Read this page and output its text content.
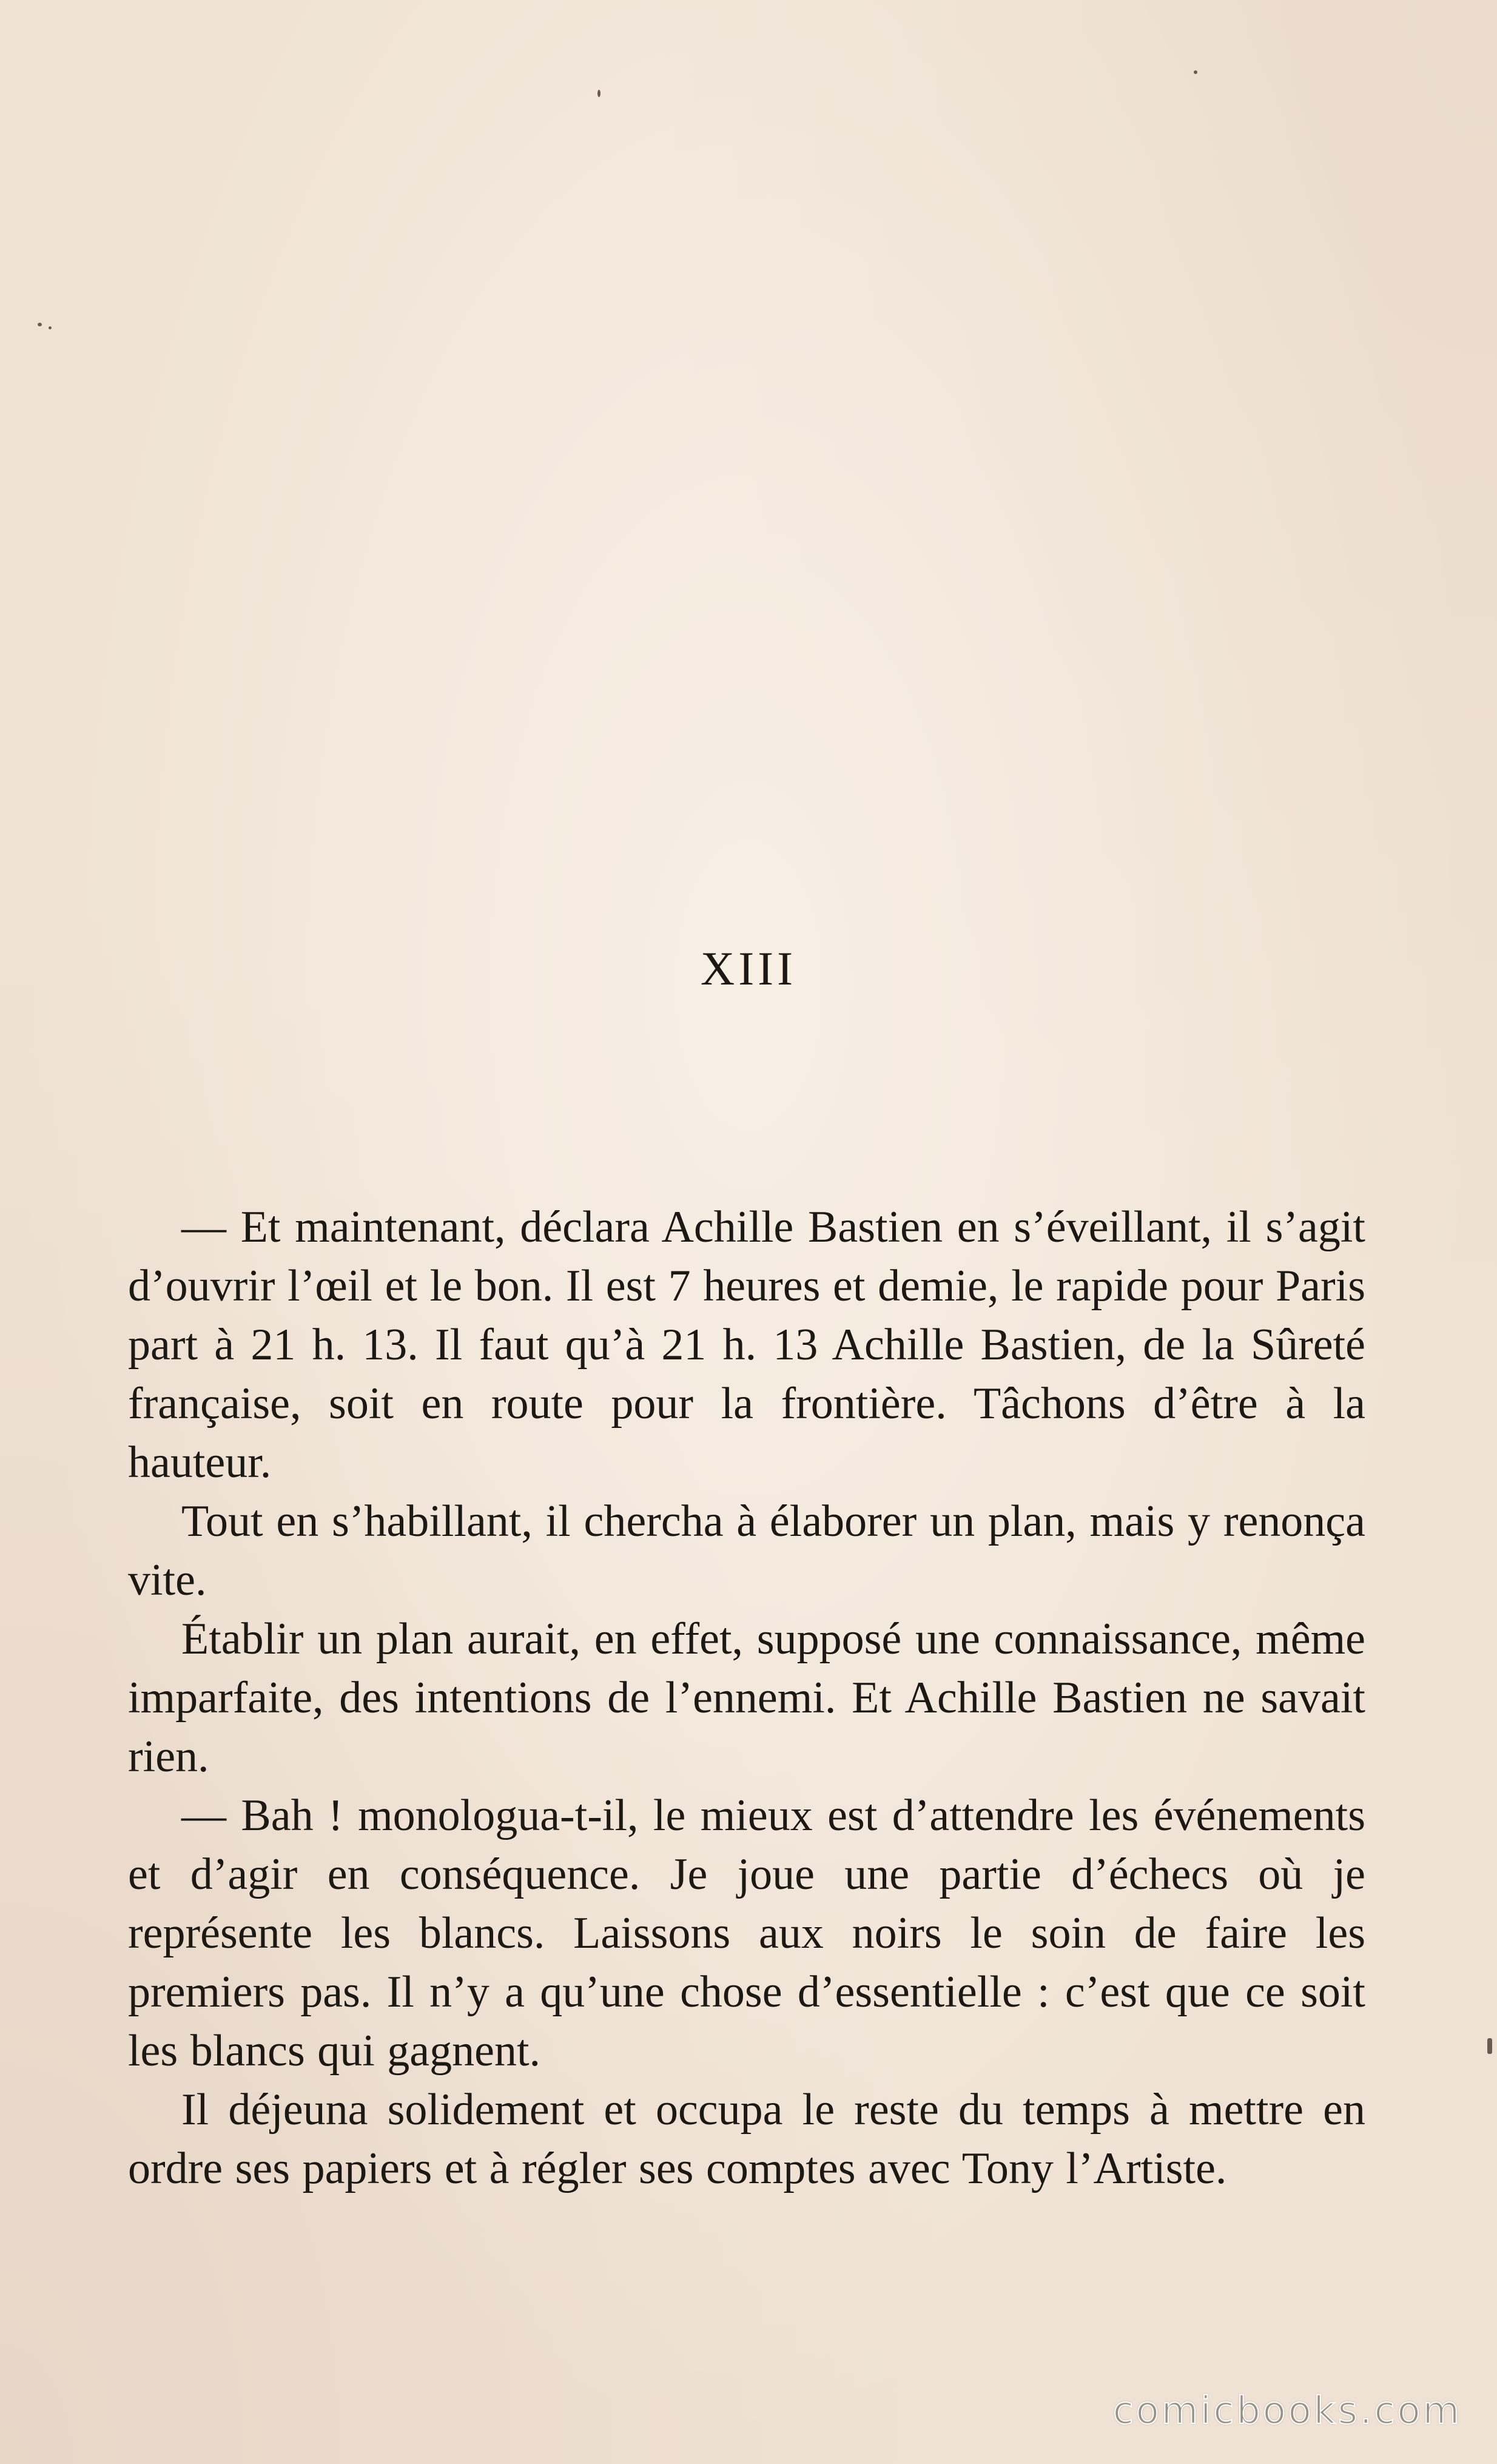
XIII

— Et maintenant, déclara Achille Bastien en s’éveillant, il s’agit d’ouvrir l’œil et le bon. Il est 7 heures et demie, le rapide pour Paris part à 21 h. 13. Il faut qu’à 21 h. 13 Achille Bastien, de la Sûreté française, soit en route pour la frontière. Tâchons d’être à la hauteur.

Tout en s’habillant, il chercha à élaborer un plan, mais y renonça vite.

Établir un plan aurait, en effet, supposé une connaissance, même imparfaite, des intentions de l’ennemi. Et Achille Bastien ne savait rien.

— Bah ! monologua-t-il, le mieux est d’attendre les événements et d’agir en conséquence. Je joue une partie d’échecs où je représente les blancs. Laissons aux noirs le soin de faire les premiers pas. Il n’y a qu’une chose d’essentielle : c’est que ce soit les blancs qui gagnent.

Il déjeuna solidement et occupa le reste du temps à mettre en ordre ses papiers et à régler ses comptes avec Tony l’Artiste.

comicbooks.com
